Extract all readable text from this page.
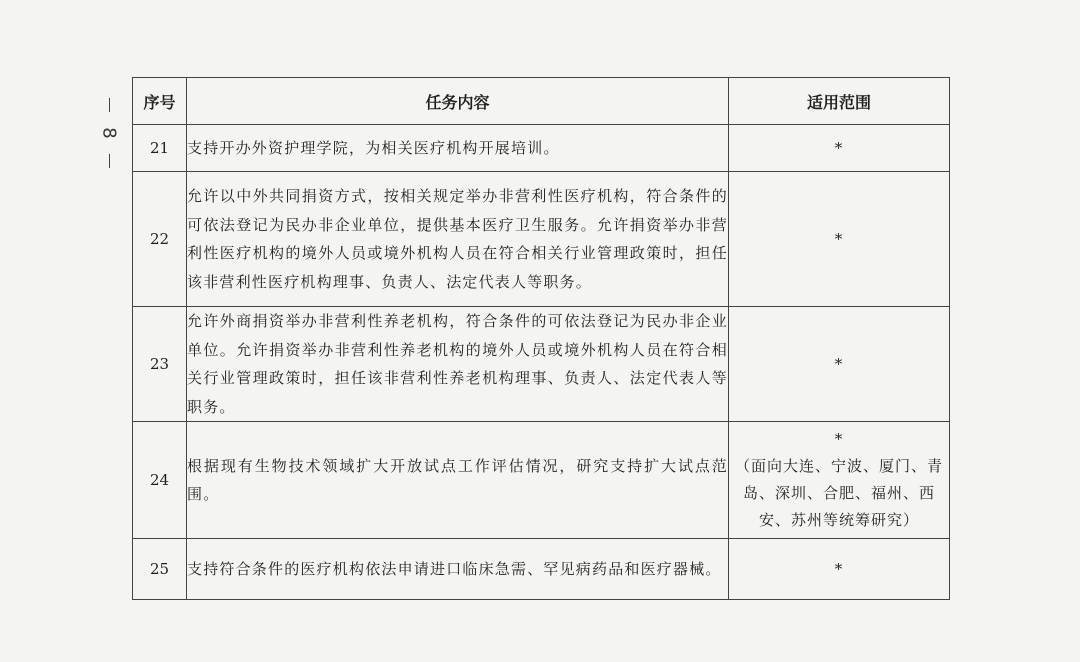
8
序号	任务内容	适用范围
21	支持开办外资护理学院，为相关医疗机构开展培训。	*
22	允许以中外共同捐资方式，按相关规定举办非营利性医疗机构，符合条件的可依法登记为民办非企业单位，提供基本医疗卫生服务。允许捐资举办非营利性医疗机构的境外人员或境外机构人员在符合相关行业管理政策时，担任该非营利性医疗机构理事、负责人、法定代表人等职务。	*
23	允许外商捐资举办非营利性养老机构，符合条件的可依法登记为民办非企业单位。允许捐资举办非营利性养老机构的境外人员或境外机构人员在符合相关行业管理政策时，担任该非营利性养老机构理事、负责人、法定代表人等职务。	*
24	根据现有生物技术领域扩大开放试点工作评估情况，研究支持扩大试点范围。	*
（面向大连、宁波、厦门、青岛、深圳、合肥、福州、西安、苏州等统筹研究）

25	支持符合条件的医疗机构依法申请进口临床急需、罕见病药品和医疗器械。	*
